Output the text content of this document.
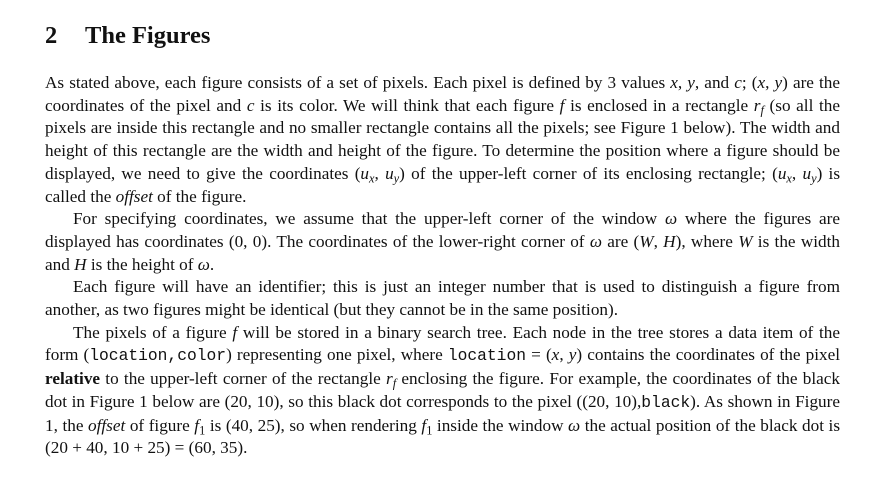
2 The Figures

As stated above, each figure consists of a set of pixels. Each pixel is defined by 3 values x, y, and c; (x, y) are the coordinates of the pixel and c is its color. We will think that each figure f is enclosed in a rectangle $r_f$ (so all the pixels are inside this rectangle and no smaller rectangle contains all the pixels; see Figure 1 below). The width and height of this rectangle are the width and height of the figure. To determine the position where a figure should be displayed, we need to give the coordinates ($u_x$, $u_y$) of the upper-left corner of its enclosing rectangle; ($u_x$, $u_y$) is called the offset of the figure.

For specifying coordinates, we assume that the upper-left corner of the window ω where the figures are displayed has coordinates (0, 0). The coordinates of the lower-right corner of ω are (W, H), where W is the width and H is the height of ω.

Each figure will have an identifier; this is just an integer number that is used to distinguish a figure from another, as two figures might be identical (but they cannot be in the same position).

The pixels of a figure f will be stored in a binary search tree. Each node in the tree stores a data item of the form (location,color) representing one pixel, where location = (x, y) contains the coordinates of the pixel relative to the upper-left corner of the rectangle $r_f$ enclosing the figure. For example, the coordinates of the black dot in Figure 1 below are (20, 10), so this black dot corresponds to the pixel ((20, 10),black). As shown in Figure 1, the offset of figure $f_1$ is (40, 25), so when rendering $f_1$ inside the window ω the actual position of the black dot is (20 + 40, 10 + 25) = (60, 35).
